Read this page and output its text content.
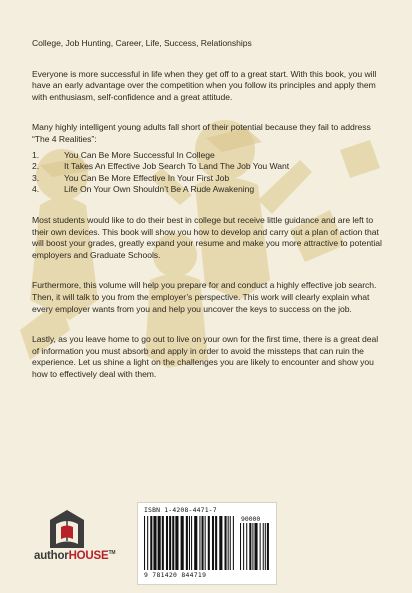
College, Job Hunting, Career, Life, Success, Relationships

Everyone is more successful in life when they get off to a great start. With this book, you will have an early advantage over the competition when you follow its principles and apply them with enthusiasm, self-confidence and a great attitude.

Many highly intelligent young adults fall short of their potential because they fail to address “The 4 Realities”:

1.	You Can Be More Successful In College
2.	It Takes An Effective Job Search To Land The Job You Want
3.	You Can Be More Effective In Your First Job
4.	Life On Your Own Shouldn’t Be A Rude Awakening

Most students would like to do their best in college but receive little guidance and are left to their own devices. This book will show you how to develop and carry out a plan of action that will boost your grades, greatly expand your resume and make you more attractive to potential employers and Graduate Schools.

Furthermore, this volume will help you prepare for and conduct a highly effective job search. Then, it will talk to you from the employer’s perspective. This work will clearly explain what every employer wants from you and help you uncover the keys to success on the job.

Lastly, as you leave home to go out to live on your own for the first time, there is a great deal of information you must absorb and apply in order to avoid the missteps that can ruin the experience. Let us shine a light on the challenges you are likely to encounter and show you how to effectively deal with them.

authorHOUSE™
ISBN 1-4208-4471-7
90000
9 781420 844719
